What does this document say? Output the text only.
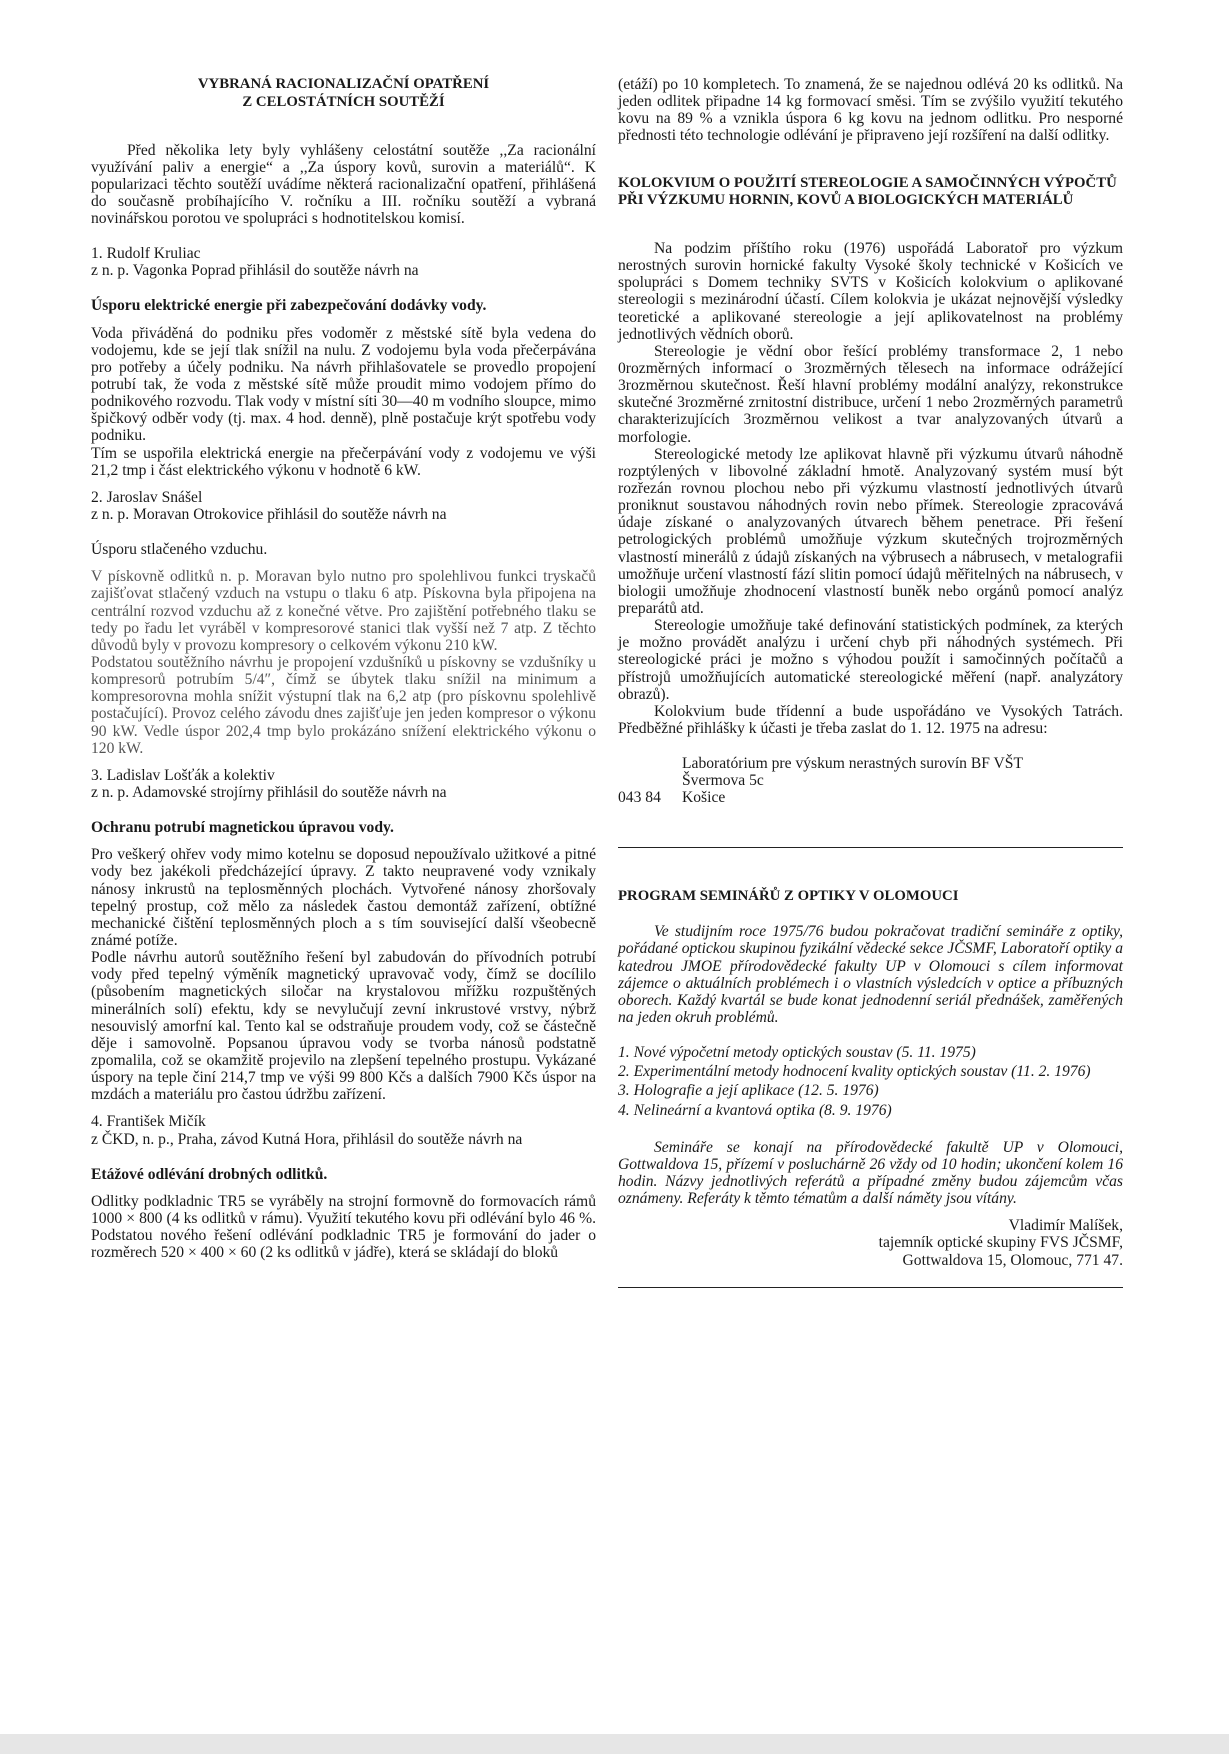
VYBRANÁ RACIONALIZAČNÍ OPATŘENÍ
Z CELOSTÁTNÍCH SOUTĚŽÍ

Před několika lety byly vyhlášeny celostátní soutěže ,,Za racionální využívání paliv a energie“ a ,,Za úspory kovů, surovin a materiálů“. K popularizaci těchto soutěží uvádíme některá racionalizační opatření, přihlášená do současně probíhajícího V. ročníku a III. ročníku soutěží a vybraná novinářskou porotou ve spolupráci s hodnotitelskou komisí.

1. Rudolf Kruliac

z n. p. Vagonka Poprad přihlásil do soutěže návrh na

Úsporu elektrické energie při zabezpečování dodávky vody.

Voda přiváděná do podniku přes vodoměr z městské sítě byla vedena do vodojemu, kde se její tlak snížil na nulu. Z vodojemu byla voda přečerpávána pro potřeby a účely podniku. Na návrh přihlašovatele se provedlo propojení potrubí tak, že voda z městské sítě může proudit mimo vodojem přímo do podnikového rozvodu. Tlak vody v místní síti 30—40 m vodního sloupce, mimo špičkový odběr vody (tj. max. 4 hod. denně), plně postačuje krýt spotřebu vody podniku.

Tím se uspořila elektrická energie na přečerpávání vody z vodojemu ve výši 21,2 tmp i část elektrického výkonu v hodnotě 6 kW.

2. Jaroslav Snášel

z n. p. Moravan Otrokovice přihlásil do soutěže návrh na

Úsporu stlačeného vzduchu.

V pískovně odlitků n. p. Moravan bylo nutno pro spolehlivou funkci tryskačů zajišťovat stlačený vzduch na vstupu o tlaku 6 atp. Pískovna byla připojena na centrální rozvod vzduchu až z konečné větve. Pro zajištění potřebného tlaku se tedy po řadu let vyráběl v kompresorové stanici tlak vyšší než 7 atp. Z těchto důvodů byly v provozu kompresory o celkovém výkonu 210 kW.

Podstatou soutěžního návrhu je propojení vzdušníků u pískovny se vzdušníky u kompresorů potrubím 5/4″, čímž se úbytek tlaku snížil na minimum a kompresorovna mohla snížit výstupní tlak na 6,2 atp (pro pískovnu spolehlivě postačující). Provoz celého závodu dnes zajišťuje jen jeden kompresor o výkonu 90 kW. Vedle úspor 202,4 tmp bylo prokázáno snížení elektrického výkonu o 120 kW.

3. Ladislav Lošťák a kolektiv

z n. p. Adamovské strojírny přihlásil do soutěže návrh na

Ochranu potrubí magnetickou úpravou vody.

Pro veškerý ohřev vody mimo kotelnu se doposud nepoužívalo užitkové a pitné vody bez jakékoli předcházející úpravy. Z takto neupravené vody vznikaly nánosy inkrustů na teplosměnných plochách. Vytvořené nánosy zhoršovaly tepelný prostup, což mělo za následek častou demontáž zařízení, obtížné mechanické čištění teplosměnných ploch a s tím související další všeobecně známé potíže.

Podle návrhu autorů soutěžního řešení byl zabudován do přívodních potrubí vody před tepelný výměník magnetický upravovač vody, čímž se docílilo (působením magnetických siločar na krystalovou mřížku rozpuštěných minerálních solí) efektu, kdy se nevylučují zevní inkrustové vrstvy, nýbrž nesouvislý amorfní kal. Tento kal se odstraňuje proudem vody, což se částečně děje i samovolně. Popsanou úpravou vody se tvorba nánosů podstatně zpomalila, což se okamžitě projevilo na zlepšení tepelného prostupu. Vykázané úspory na teple činí 214,7 tmp ve výši 99 800 Kčs a dalších 7900 Kčs úspor na mzdách a materiálu pro častou údržbu zařízení.

4. František Mičík

z ČKD, n. p., Praha, závod Kutná Hora, přihlásil do soutěže návrh na

Etážové odlévání drobných odlitků.

Odlitky podkladnic TR5 se vyráběly na strojní formovně do formovacích rámů 1000 × 800 (4 ks odlitků v rámu). Využití tekutého kovu při odlévání bylo 46 %. Podstatou nového řešení odlévání podkladnic TR5 je formování do jader o rozměrech 520 × 400 × 60 (2 ks odlitků v jádře), která se skládají do bloků

(etáží) po 10 kompletech. To znamená, že se najednou odlévá 20 ks odlitků. Na jeden odlitek připadne 14 kg formovací směsi. Tím se zvýšilo využití tekutého kovu na 89 % a vznikla úspora 6 kg kovu na jednom odlitku. Pro nesporné přednosti této technologie odlévání je připraveno její rozšíření na další odlitky.

KOLOKVIUM O POUŽITÍ STEREOLOGIE A SAMOČINNÝCH VÝPOČTŮ PŘI VÝZKUMU HORNIN, KOVŮ A BIOLOGICKÝCH MATERIÁLŮ

Na podzim příštího roku (1976) uspořádá Laboratoř pro výzkum nerostných surovin hornické fakulty Vysoké školy technické v Košicích ve spolupráci s Domem techniky SVTS v Košicích kolokvium o aplikované stereologii s mezinárodní účastí. Cílem kolokvia je ukázat nejnovější výsledky teoretické a aplikované stereologie a její aplikovatelnost na problémy jednotlivých vědních oborů.

Stereologie je vědní obor řešící problémy transformace 2, 1 nebo 0rozměrných informací o 3rozměrných tělesech na informace odrážející 3rozměrnou skutečnost. Řeší hlavní problémy modální analýzy, rekonstrukce skutečné 3rozměrné zrnitostní distribuce, určení 1 nebo 2rozměrných parametrů charakterizujících 3rozměrnou velikost a tvar analyzovaných útvarů a morfologie.

Stereologické metody lze aplikovat hlavně při výzkumu útvarů náhodně rozptýlených v libovolné základní hmotě. Analyzovaný systém musí být rozřezán rovnou plochou nebo při výzkumu vlastností jednotlivých útvarů proniknut soustavou náhodných rovin nebo přímek. Stereologie zpracovává údaje získané o analyzovaných útvarech během penetrace. Při řešení petrologických problémů umožňuje výzkum skutečných trojrozměrných vlastností minerálů z údajů získaných na výbrusech a nábrusech, v metalografii umožňuje určení vlastností fází slitin pomocí údajů měřitelných na nábrusech, v biologii umožňuje zhodnocení vlastností buněk nebo orgánů pomocí analýz preparátů atd.

Stereologie umožňuje také definování statistických podmínek, za kterých je možno provádět analýzu i určení chyb při náhodných systémech. Při stereologické práci je možno s výhodou použít i samočinných počítačů a přístrojů umožňujících automatické stereologické měření (např. analyzátory obrazů).

Kolokvium bude třídenní a bude uspořádáno ve Vysokých Tatrách. Předběžné přihlášky k účasti je třeba zaslat do 1. 12. 1975 na adresu:

Laboratórium pre výskum nerastných surovín BF VŠT

Švermova 5c

043 84	Košice
PROGRAM SEMINÁŘŮ Z OPTIKY V OLOMOUCI

Ve studijním roce 1975/76 budou pokračovat tradiční semináře z optiky, pořádané optickou skupinou fyzikální vědecké sekce JČSMF, Laboratoří optiky a katedrou JMOE přírodovědecké fakulty UP v Olomouci s cílem informovat zájemce o aktuálních problémech i o vlastních výsledcích v optice a příbuzných oborech. Každý kvartál se bude konat jednodenní seriál přednášek, zaměřených na jeden okruh problémů.

1. Nové výpočetní metody optických soustav (5. 11. 1975)
2. Experimentální metody hodnocení kvality optických soustav (11. 2. 1976)
3. Holografie a její aplikace (12. 5. 1976)
4. Nelineární a kvantová optika (8. 9. 1976)

Semináře se konají na přírodovědecké fakultě UP v Olomouci, Gottwaldova 15, přízemí v posluchárně 26 vždy od 10 hodin; ukončení kolem 16 hodin. Názvy jednotlivých referátů a případné změny budou zájemcům včas oznámeny. Referáty k těmto tématům a další náměty jsou vítány.

Vladimír Malíšek,

tajemník optické skupiny FVS JČSMF,

Gottwaldova 15, Olomouc, 771 47.
